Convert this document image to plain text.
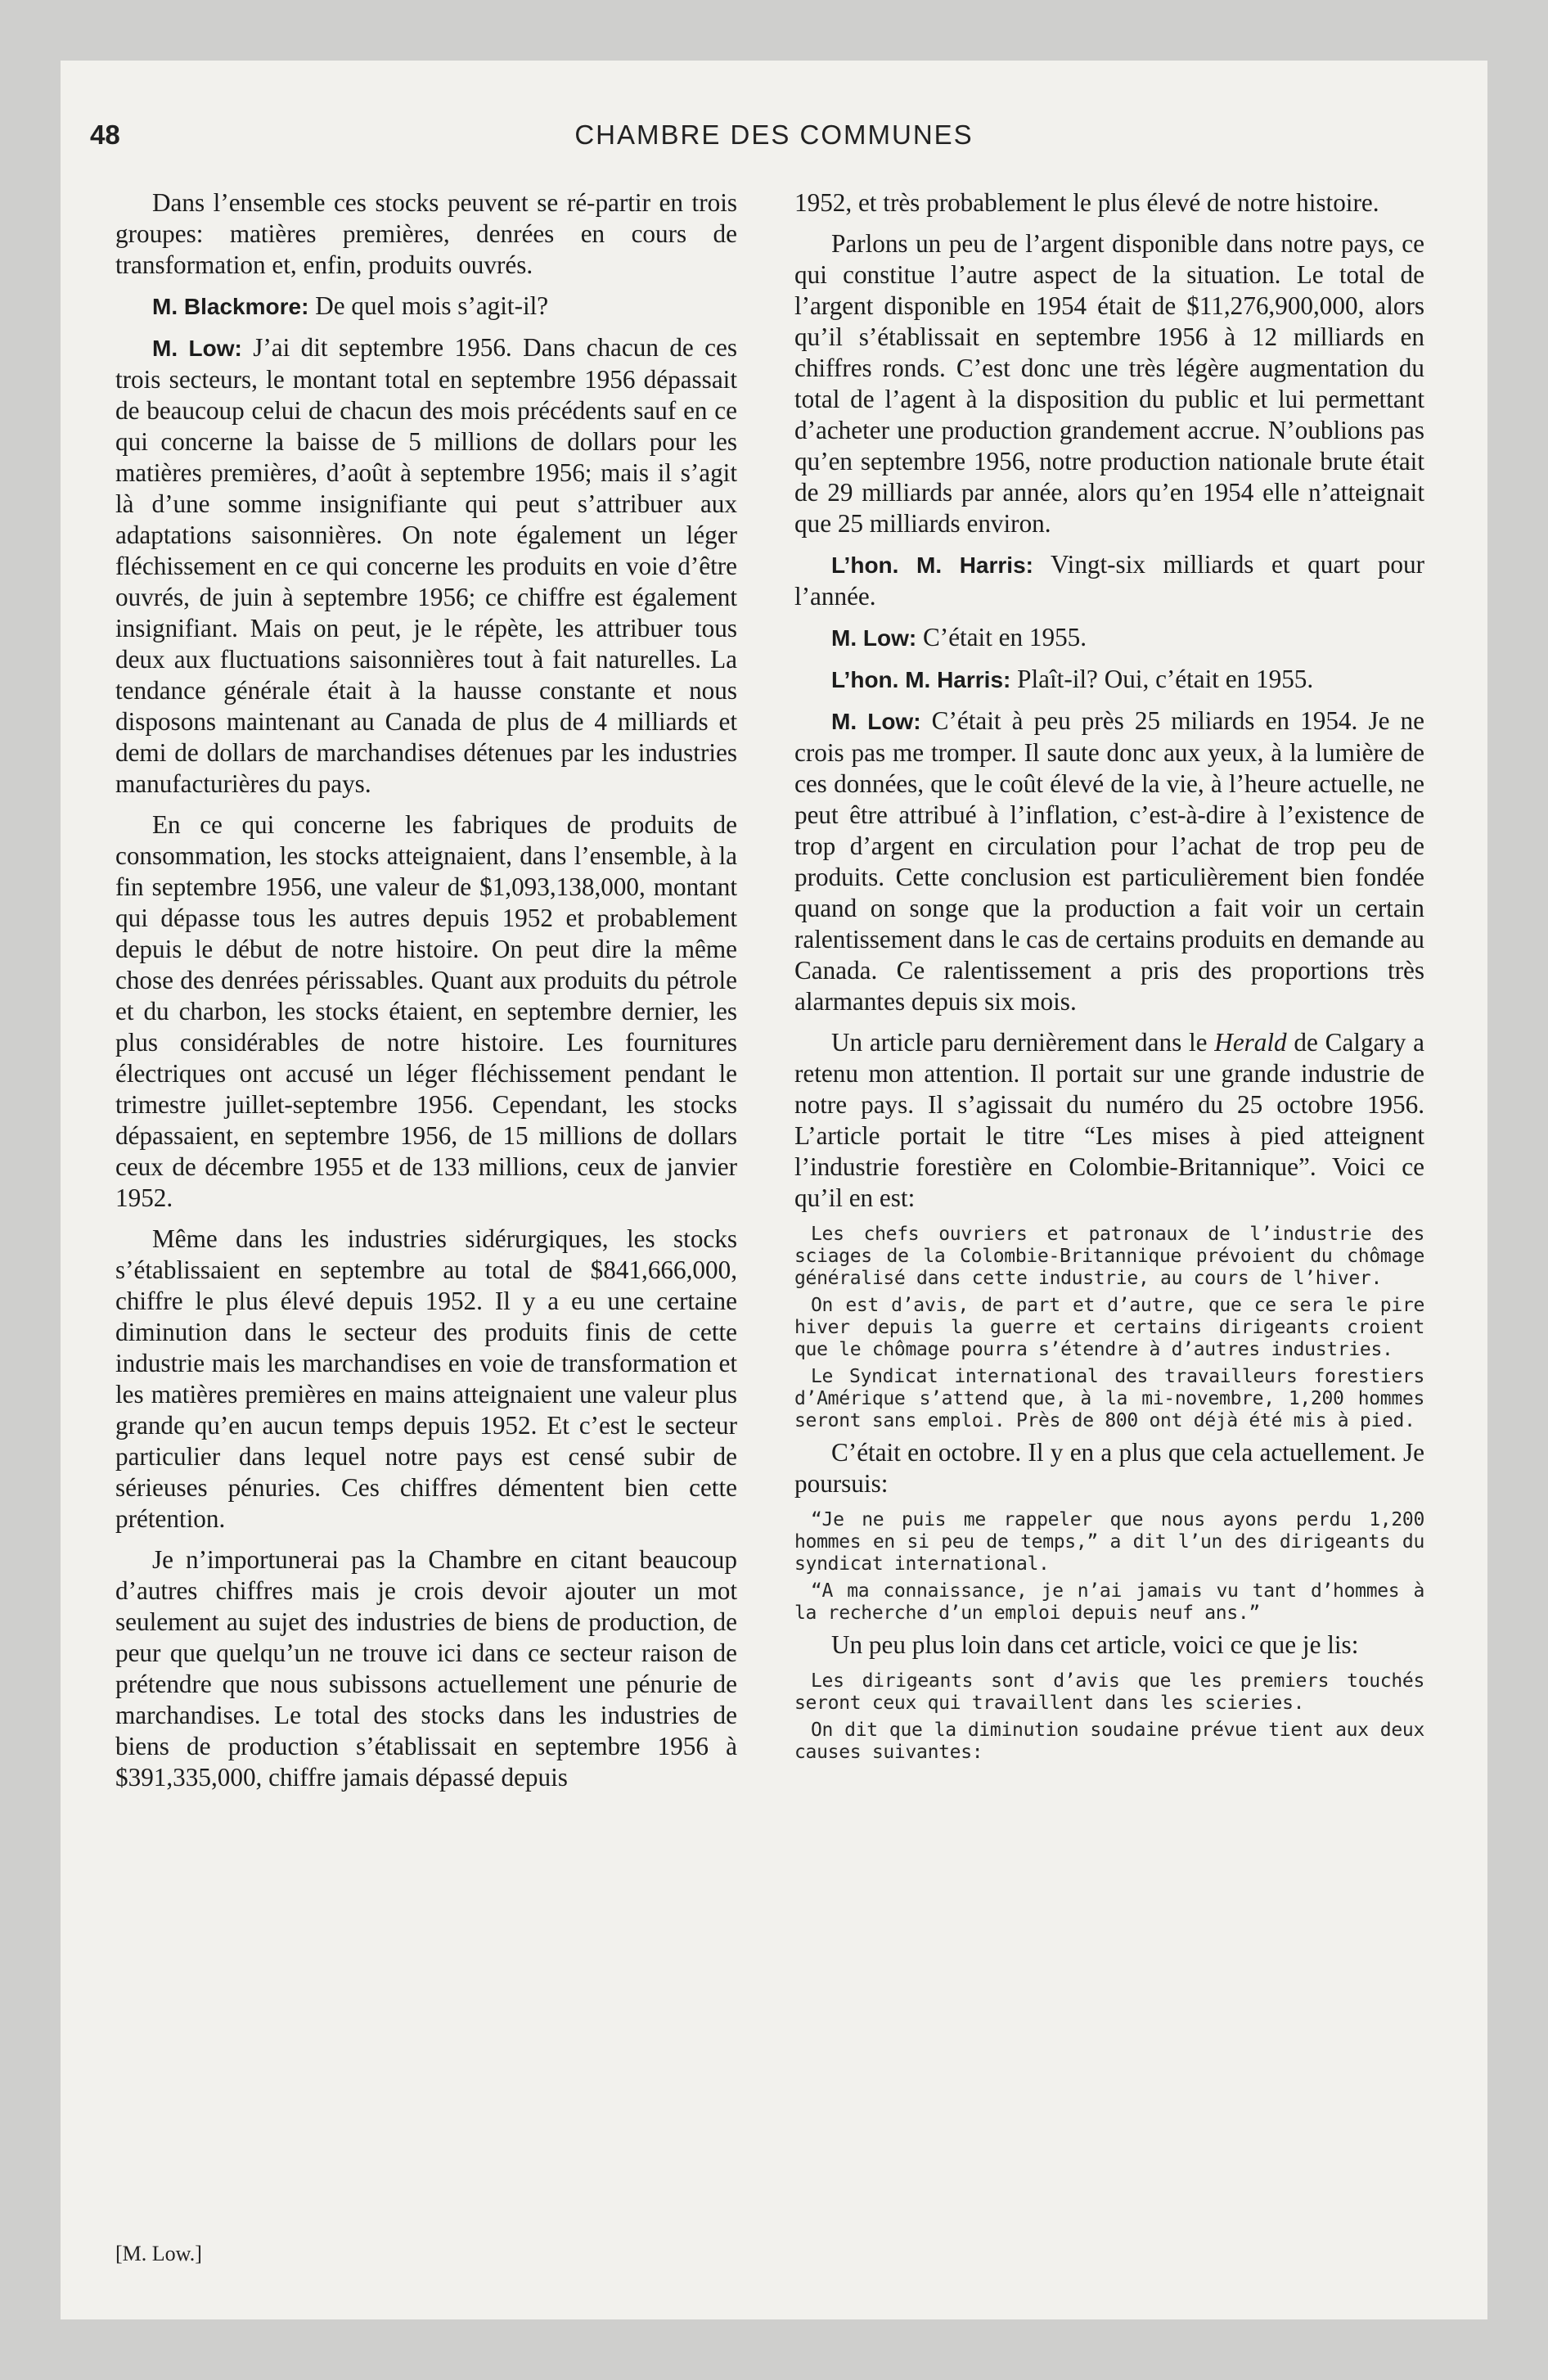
48	CHAMBRE DES COMMUNES

Dans l’ensemble ces stocks peuvent se ré-partir en trois groupes: matières premières, denrées en cours de transformation et, enfin, produits ouvrés.

M. Blackmore: De quel mois s’agit-il?

M. Low: J’ai dit septembre 1956. Dans chacun de ces trois secteurs, le montant total en septembre 1956 dépassait de beaucoup celui de chacun des mois précédents sauf en ce qui concerne la baisse de 5 millions de dollars pour les matières premières, d’août à septembre 1956; mais il s’agit là d’une somme insignifiante qui peut s’attribuer aux adaptations saisonnières. On note également un léger fléchissement en ce qui concerne les produits en voie d’être ouvrés, de juin à septembre 1956; ce chiffre est également insignifiant. Mais on peut, je le répète, les attribuer tous deux aux fluctuations saisonnières tout à fait naturelles. La tendance générale était à la hausse constante et nous disposons maintenant au Canada de plus de 4 milliards et demi de dollars de marchandises détenues par les industries manufacturières du pays.

En ce qui concerne les fabriques de produits de consommation, les stocks atteignaient, dans l’ensemble, à la fin septembre 1956, une valeur de $1,093,138,000, montant qui dépasse tous les autres depuis 1952 et probablement depuis le début de notre histoire. On peut dire la même chose des denrées périssables. Quant aux produits du pétrole et du charbon, les stocks étaient, en septembre dernier, les plus considérables de notre histoire. Les fournitures électriques ont accusé un léger fléchissement pendant le trimestre juillet-septembre 1956. Cependant, les stocks dépassaient, en septembre 1956, de 15 millions de dollars ceux de décembre 1955 et de 133 millions, ceux de janvier 1952.

Même dans les industries sidérurgiques, les stocks s’établissaient en septembre au total de $841,666,000, chiffre le plus élevé depuis 1952. Il y a eu une certaine diminution dans le secteur des produits finis de cette industrie mais les marchandises en voie de transformation et les matières premières en mains atteignaient une valeur plus grande qu’en aucun temps depuis 1952. Et c’est le secteur particulier dans lequel notre pays est censé subir de sérieuses pénuries. Ces chiffres démentent bien cette prétention.

Je n’importunerai pas la Chambre en citant beaucoup d’autres chiffres mais je crois devoir ajouter un mot seulement au sujet des industries de biens de production, de peur que quelqu’un ne trouve ici dans ce secteur raison de prétendre que nous subissons actuellement une pénurie de marchandises. Le total des stocks dans les industries de biens de production s’établissait en septembre 1956 à $391,335,000, chiffre jamais dépassé depuis

[M. Low.]

1952, et très probablement le plus élevé de notre histoire.

Parlons un peu de l’argent disponible dans notre pays, ce qui constitue l’autre aspect de la situation. Le total de l’argent disponible en 1954 était de $11,276,900,000, alors qu’il s’établissait en septembre 1956 à 12 milliards en chiffres ronds. C’est donc une très légère augmentation du total de l’agent à la disposition du public et lui permettant d’acheter une production grandement accrue. N’oublions pas qu’en septembre 1956, notre production nationale brute était de 29 milliards par année, alors qu’en 1954 elle n’atteignait que 25 milliards environ.

L’hon. M. Harris: Vingt-six milliards et quart pour l’année.

M. Low: C’était en 1955.

L’hon. M. Harris: Plaît-il? Oui, c’était en 1955.

M. Low: C’était à peu près 25 miliards en 1954. Je ne crois pas me tromper. Il saute donc aux yeux, à la lumière de ces données, que le coût élevé de la vie, à l’heure actuelle, ne peut être attribué à l’inflation, c’est-à-dire à l’existence de trop d’argent en circulation pour l’achat de trop peu de produits. Cette conclusion est particulièrement bien fondée quand on songe que la production a fait voir un certain ralentissement dans le cas de certains produits en demande au Canada. Ce ralentissement a pris des proportions très alarmantes depuis six mois.

Un article paru dernièrement dans le Herald de Calgary a retenu mon attention. Il portait sur une grande industrie de notre pays. Il s’agissait du numéro du 25 octobre 1956. L’article portait le titre “Les mises à pied atteignent l’industrie forestière en Colombie-Britannique”. Voici ce qu’il en est:

Les chefs ouvriers et patronaux de l’industrie des sciages de la Colombie-Britannique prévoient du chômage généralisé dans cette industrie, au cours de l’hiver.

On est d’avis, de part et d’autre, que ce sera le pire hiver depuis la guerre et certains dirigeants croient que le chômage pourra s’étendre à d’autres industries.

Le Syndicat international des travailleurs forestiers d’Amérique s’attend que, à la mi-novembre, 1,200 hommes seront sans emploi. Près de 800 ont déjà été mis à pied.

C’était en octobre. Il y en a plus que cela actuellement. Je poursuis:

“Je ne puis me rappeler que nous ayons perdu 1,200 hommes en si peu de temps,” a dit l’un des dirigeants du syndicat international.

“A ma connaissance, je n’ai jamais vu tant d’hommes à la recherche d’un emploi depuis neuf ans.”

Un peu plus loin dans cet article, voici ce que je lis:

Les dirigeants sont d’avis que les premiers touchés seront ceux qui travaillent dans les scieries.

On dit que la diminution soudaine prévue tient aux deux causes suivantes:
